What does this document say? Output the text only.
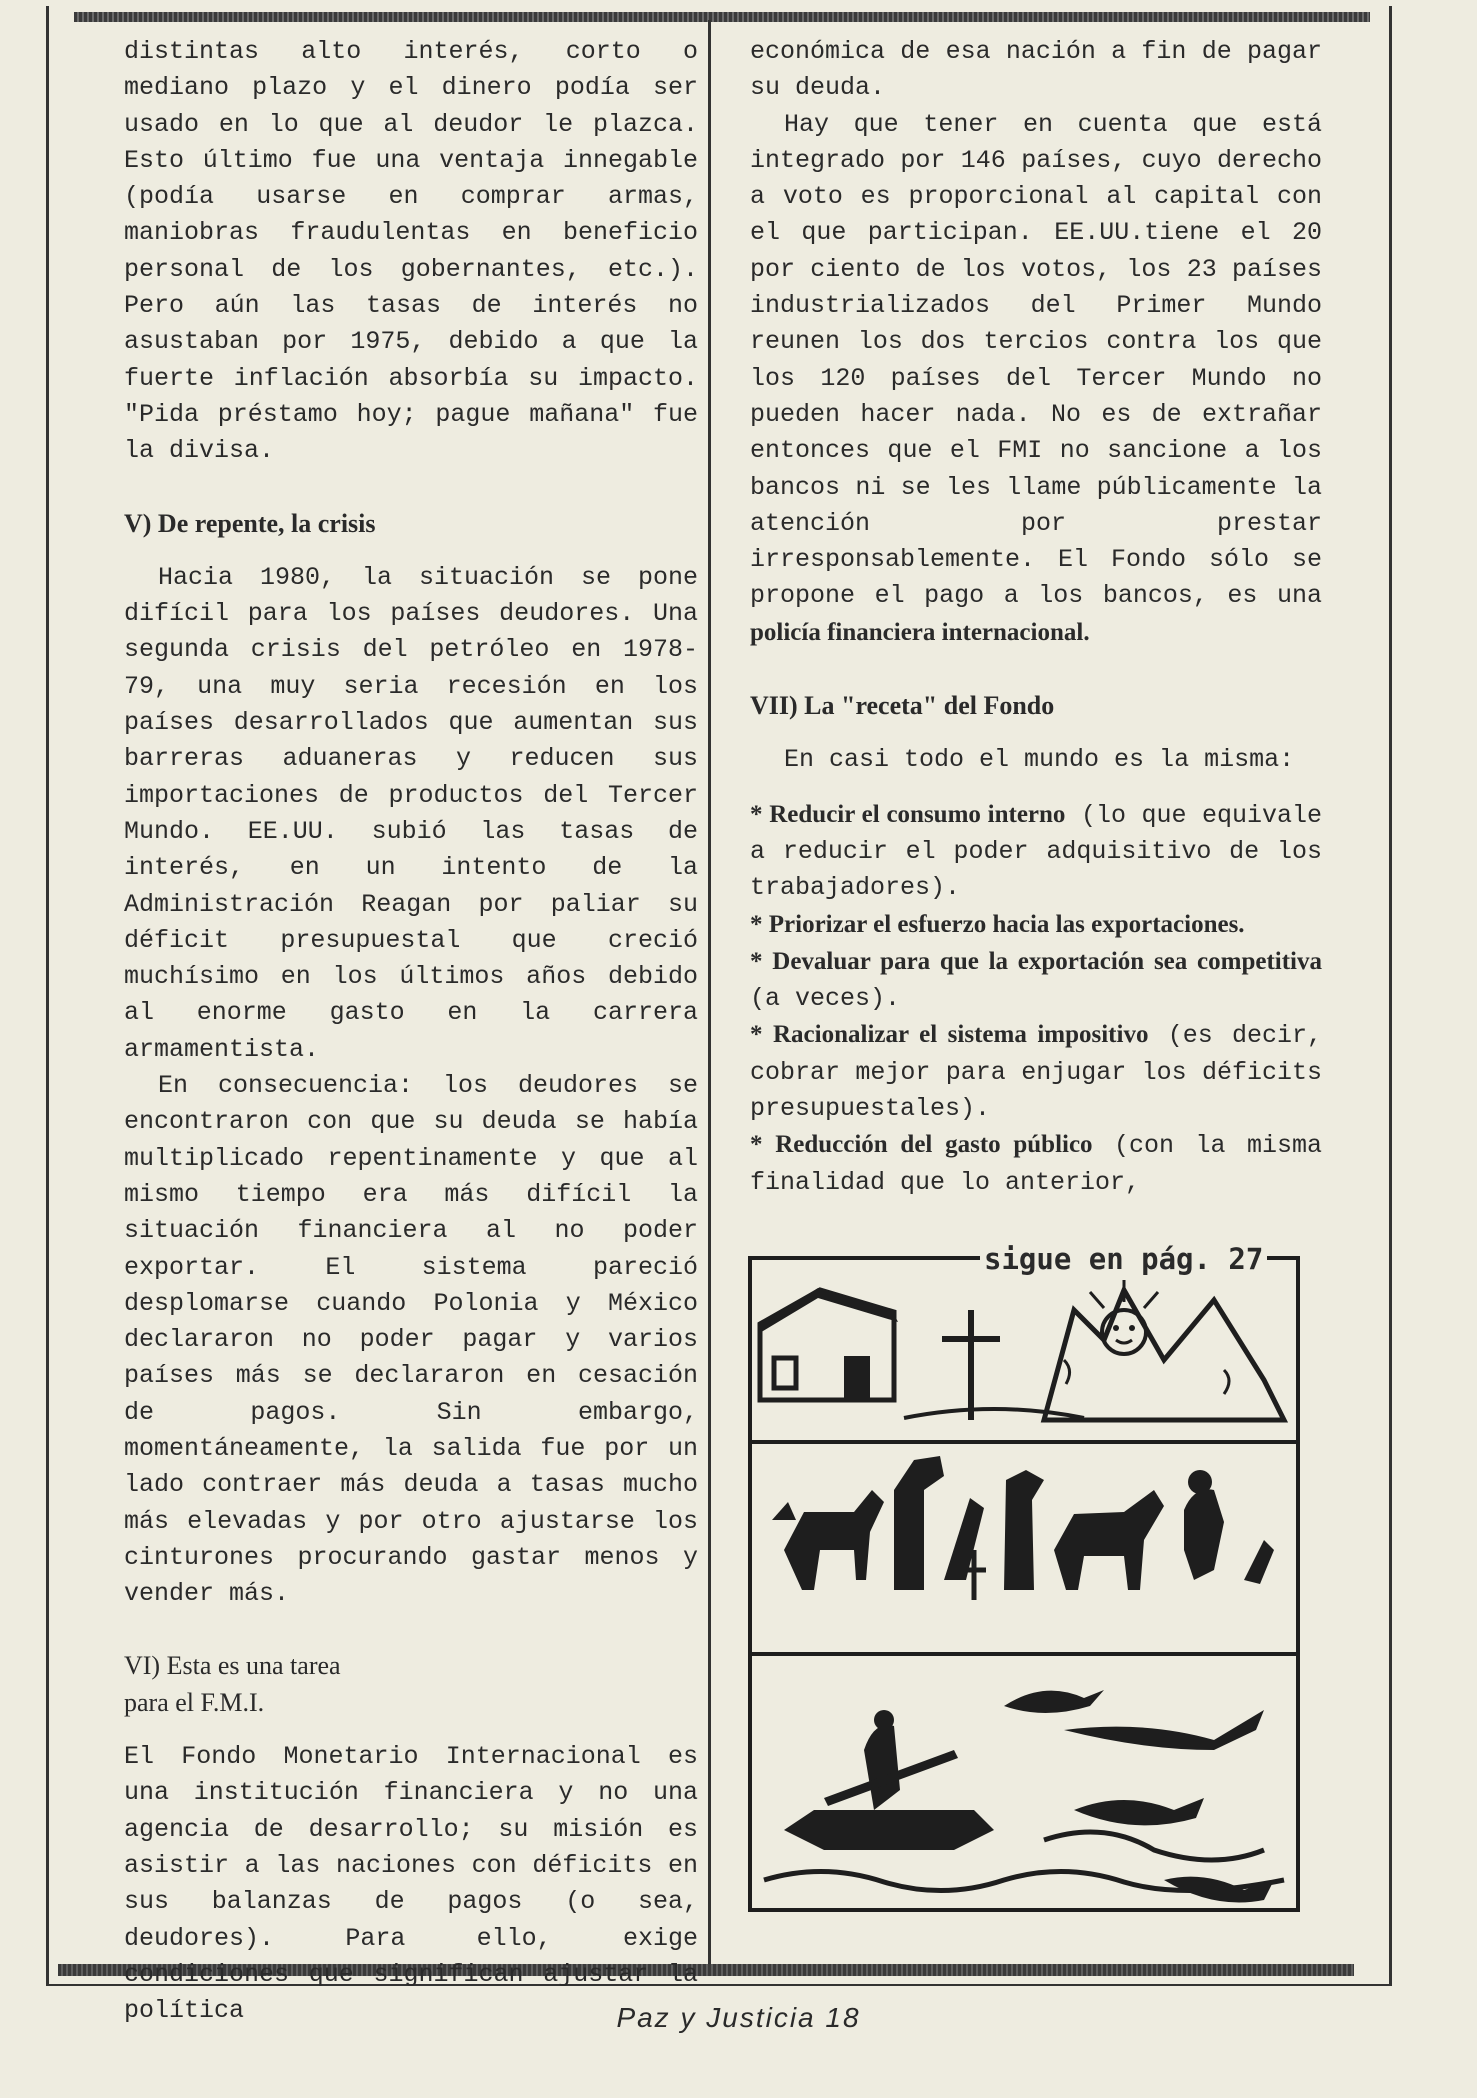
distintas alto interés, corto o mediano plazo y el dinero podía ser usado en lo que al deudor le plazca. Esto último fue una ventaja innegable (podía usarse en comprar armas, maniobras fraudulentas en beneficio personal de los gobernantes, etc.). Pero aún las tasas de interés no asustaban por 1975, debido a que la fuerte inflación absorbía su impacto. "Pida préstamo hoy; pague mañana" fue la divisa.

V) De repente, la crisis

Hacia 1980, la situación se pone difícil para los países deudores. Una segunda crisis del petróleo en 1978-79, una muy seria recesión en los países desarrollados que aumentan sus barreras aduaneras y reducen sus importaciones de productos del Tercer Mundo. EE.UU. subió las tasas de interés, en un intento de la Administración Reagan por paliar su déficit presupuestal que creció muchísimo en los últimos años debido al enorme gasto en la carrera armamentista.

En consecuencia: los deudores se encontraron con que su deuda se había multiplicado repentinamente y que al mismo tiempo era más difícil la situación financiera al no poder exportar. El sistema pareció desplomarse cuando Polonia y México declararon no poder pagar y varios países más se declararon en cesación de pagos. Sin embargo, momentáneamente, la salida fue por un lado contraer más deuda a tasas mucho más elevadas y por otro ajustarse los cinturones procurando gastar menos y vender más.

VI) Esta es una tarea

para el F.M.I.

El Fondo Monetario Internacional es una institución financiera y no una agencia de desarrollo; su misión es asistir a las naciones con déficits en sus balanzas de pagos (o sea, deudores). Para ello, exige condiciones que significan ajustar la política

económica de esa nación a fin de pagar su deuda.

Hay que tener en cuenta que está integrado por 146 países, cuyo derecho a voto es proporcional al capital con el que participan. EE.UU.tiene el 20 por ciento de los votos, los 23 países industrializados del Primer Mundo reunen los dos tercios contra los que los 120 países del Tercer Mundo no pueden hacer nada. No es de extrañar entonces que el FMI no sancione a los bancos ni se les llame públicamente la atención por prestar irresponsablemente. El Fondo sólo se propone el pago a los bancos, es una policía financiera internacional.

VII) La "receta" del Fondo

En casi todo el mundo es la misma:

* Reducir el consumo interno (lo que equivale a reducir el poder adquisitivo de los trabajadores).

* Priorizar el esfuerzo hacia las exportaciones.

* Devaluar para que la exportación sea competitiva (a veces).

* Racionalizar el sistema impositivo (es decir, cobrar mejor para enjugar los déficits presupuestales).

* Reducción del gasto público (con la misma finalidad que lo anterior,

sigue en pág. 27
Paz y Justicia 18
